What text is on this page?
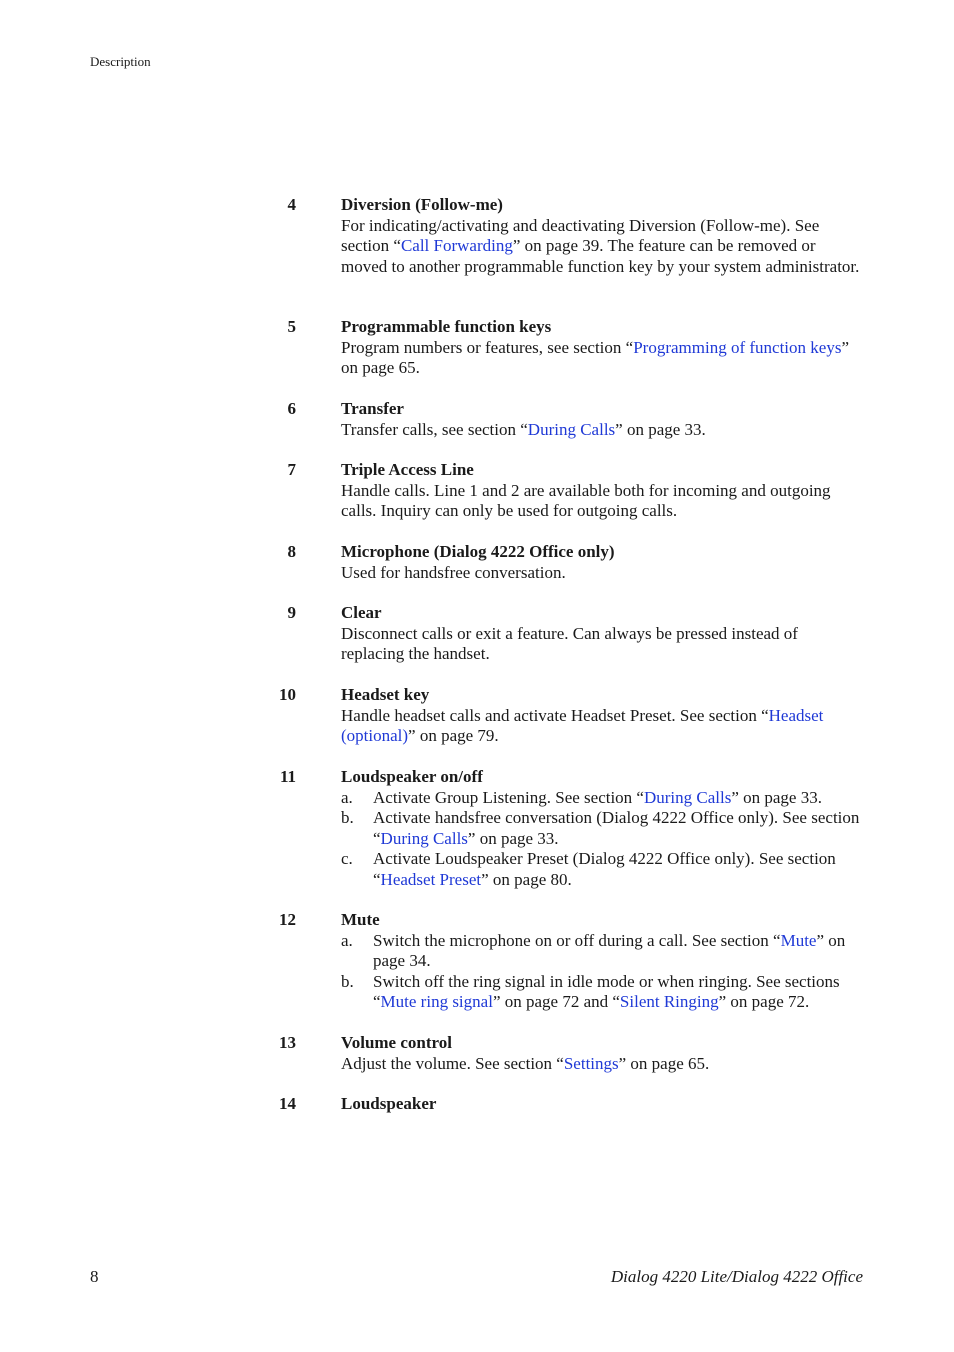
Description
4	Diversion (Follow-me)

For indicating/activating and deactivating Diversion (Follow-me). See section “Call Forwarding” on page 39. The feature can be removed or moved to another programmable function key by your system administrator.

5	Programmable function keys

Program numbers or features, see section “Programming of function keys” on page 65.

6	Transfer

Transfer calls, see section “During Calls” on page 33.

7	Triple Access Line

Handle calls. Line 1 and 2 are available both for incoming and outgoing calls. Inquiry can only be used for outgoing calls.

8	Microphone (Dialog 4222 Office only)

Used for handsfree conversation.

9	Clear

Disconnect calls or exit a feature. Can always be pressed instead of replacing the handset.

10	Headset key

Handle headset calls and activate Headset Preset. See section “Headset (optional)” on page 79.

11	Loudspeaker on/off
a. Activate Group Listening. See section “During Calls” on page 33.
b. Activate handsfree conversation (Dialog 4222 Office only). See section “During Calls” on page 33.
c. Activate Loudspeaker Preset (Dialog 4222 Office only). See section “Headset Preset” on page 80.
12	Mute
a. Switch the microphone on or off during a call. See section “Mute” on page 34.
b. Switch off the ring signal in idle mode or when ringing. See sections “Mute ring signal” on page 72 and “Silent Ringing” on page 72.
13	Volume control

Adjust the volume. See section “Settings” on page 65.

14	Loudspeaker
8	Dialog 4220 Lite/Dialog 4222 Office
